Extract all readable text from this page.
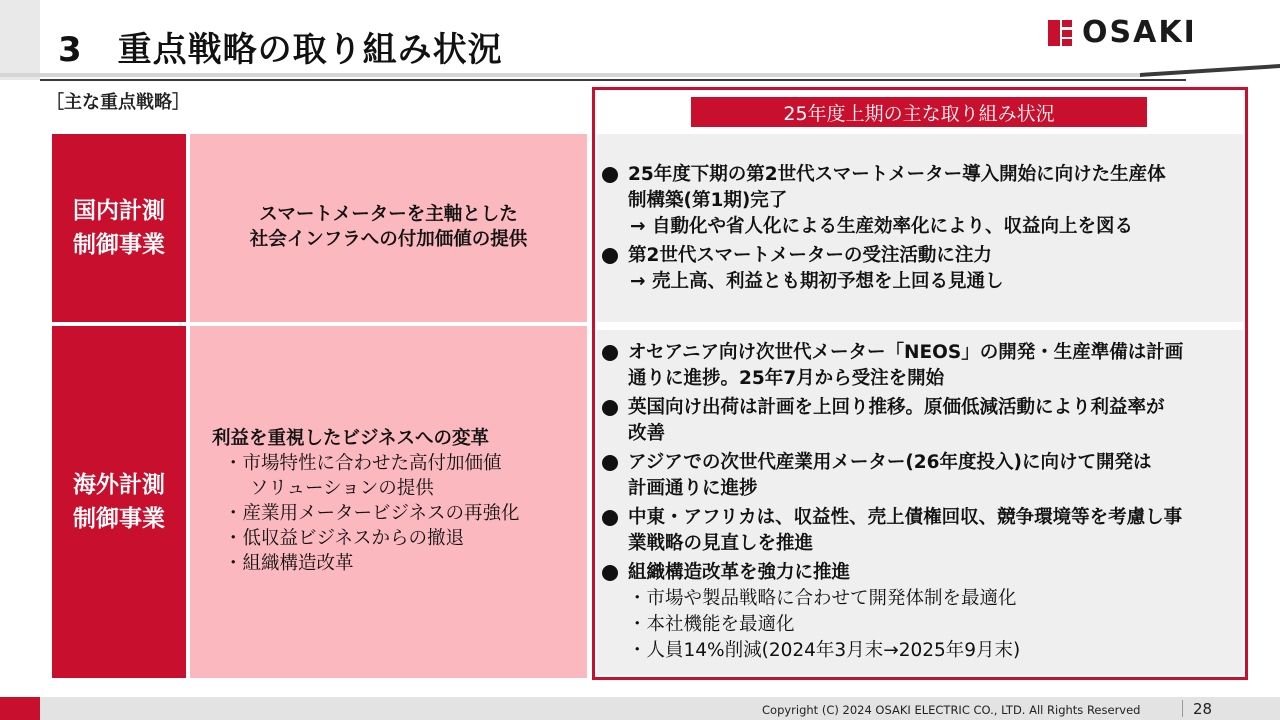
3　重点戦略の取り組み状況	OSAKI
［主な重点戦略］
国内計測
制御事業
スマートメーターを主軸とした
社会インフラへの付加価値の提供
海外計測
制御事業
利益を重視したビジネスへの変革
・市場特性に合わせた高付加価値
ソリューションの提供
・産業用メータービジネスの再強化
・低収益ビジネスからの撤退
・組織構造改革
25年度上期の主な取り組み状況
25年度下期の第2世代スマートメーター導入開始に向けた生産体
制構築(第1期)完了
→ 自動化や省人化による生産効率化により、収益向上を図る
第2世代スマートメーターの受注活動に注力
→ 売上高、利益とも期初予想を上回る見通し
オセアニア向け次世代メーター「NEOS」の開発・生産準備は計画
通りに進捗。25年7月から受注を開始
英国向け出荷は計画を上回り推移。原価低減活動により利益率が
改善
アジアでの次世代産業用メーター(26年度投入)に向けて開発は
計画通りに進捗
中東・アフリカは、収益性、売上債権回収、競争環境等を考慮し事
業戦略の見直しを推進
組織構造改革を強力に推進
・市場や製品戦略に合わせて開発体制を最適化
・本社機能を最適化
・人員14%削減(2024年3月末→2025年9月末)
Copyright (C) 2024 OSAKI ELECTRIC CO., LTD. All Rights Reserved	28
